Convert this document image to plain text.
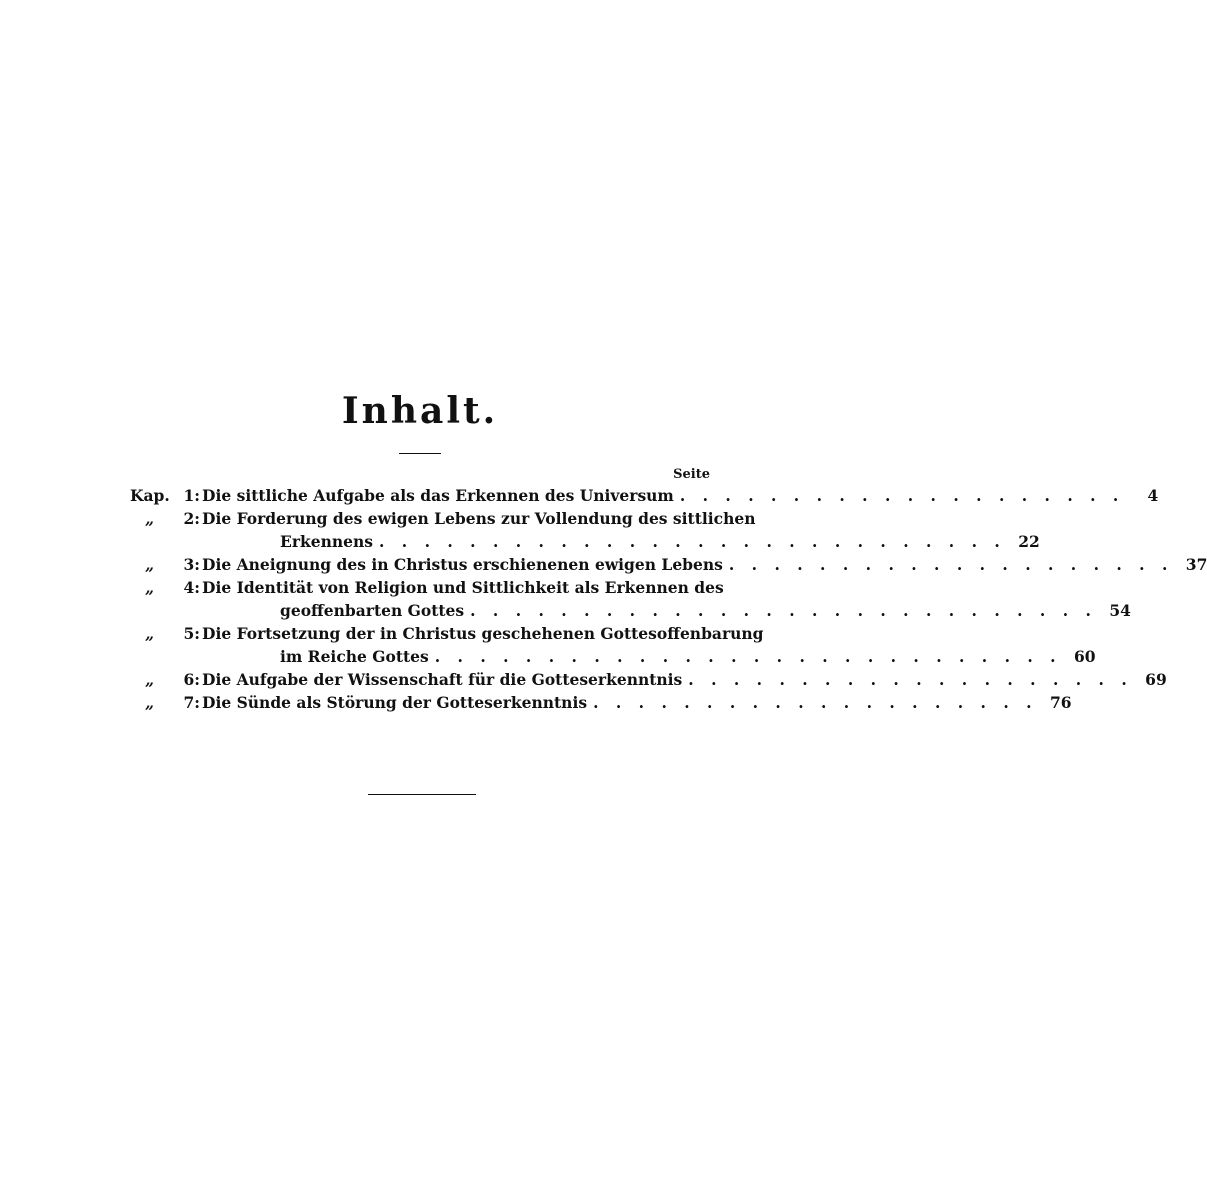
Inhalt.
Seite
Kap. 1: Die sittliche Aufgabe als das Erkennen des Universum . . . . . . . . . . . . . . . . . . . .	4
„	2: Die Forderung des ewigen Lebens zur Vollendung des sittlichen
Erkennens . . . . . . . . . . . . . . . . . . . . . . . . . . . . 22
„	3: Die Aneignung des in Christus erschienenen ewigen Lebens . . . . . . . . . . . . . . . . . . . . 37
„	4: Die Identität von Religion und Sittlichkeit als Erkennen des
geoffenbarten Gottes . . . . . . . . . . . . . . . . . . . . . . . . . . . . 54
„	5: Die Fortsetzung der in Christus geschehenen Gottesoffenbarung
im Reiche Gottes . . . . . . . . . . . . . . . . . . . . . . . . . . . . 60
„	6: Die Aufgabe der Wissenschaft für die Gotteserkenntnis . . . . . . . . . . . . . . . . . . . . 69
„	7: Die Sünde als Störung der Gotteserkenntnis . . . . . . . . . . . . . . . . . . . . 76
